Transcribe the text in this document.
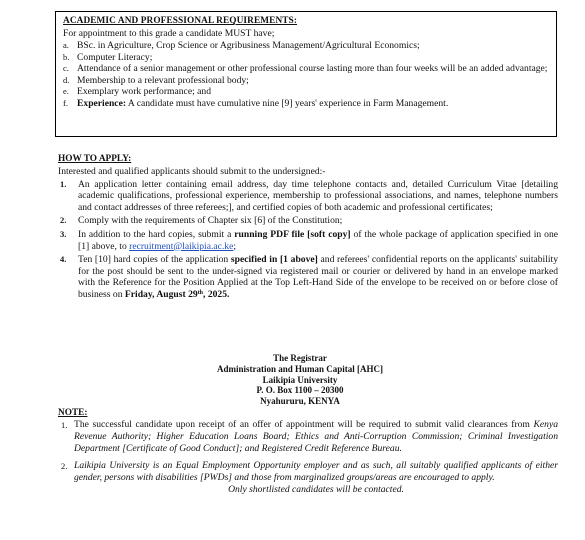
ACADEMIC AND PROFESSIONAL REQUIREMENTS:

For appointment to this grade a candidate MUST have;

a. BSc. in Agriculture, Crop Science or Agribusiness Management/Agricultural Economics;
b. Computer Literacy;
c. Attendance of a senior management or other professional course lasting more than four weeks will be an added advantage;
d. Membership to a relevant professional body;
e. Exemplary work performance; and
f. Experience: A candidate must have cumulative nine [9] years' experience in Farm Management.

HOW TO APPLY:

Interested and qualified applicants should submit to the undersigned:-

1.	An application letter containing email address, day time telephone contacts and, detailed Curriculum Vitae [detailing academic qualifications, professional experience, membership to professional associations, and names, telephone numbers and contact addresses of three referees;], and certified copies of both academic and professional certificates;
2.	Comply with the requirements of Chapter six [6] of the Constitution;
3.	In addition to the hard copies, submit a running PDF file [soft copy] of the whole package of application specified in one [1] above, to recruitment@laikipia.ac.ke;
4.	Ten [10] hard copies of the application specified in [1 above] and referees' confidential reports on the applicants' suitability for the post should be sent to the under-signed via registered mail or courier or delivered by hand in an envelope marked with the Reference for the Position Applied at the Top Left-Hand Side of the envelope to be received on or before close of business on Friday, August 29th, 2025.
The Registrar
Administration and Human Capital [AHC]
Laikipia University
P. O. Box 1100 – 20300
Nyahururu, KENYA

NOTE:

1. The successful candidate upon receipt of an offer of appointment will be required to submit valid clearances from Kenya Revenue Authority; Higher Education Loans Board; Ethics and Anti-Corruption Commission; Criminal Investigation Department [Certificate of Good Conduct]; and Registered Credit Reference Bureau.
2. Laikipia University is an Equal Employment Opportunity employer and as such, all suitably qualified applicants of either gender, persons with disabilities [PWDs] and those from marginalized groups/areas are encouraged to apply.
Only shortlisted candidates will be contacted.
